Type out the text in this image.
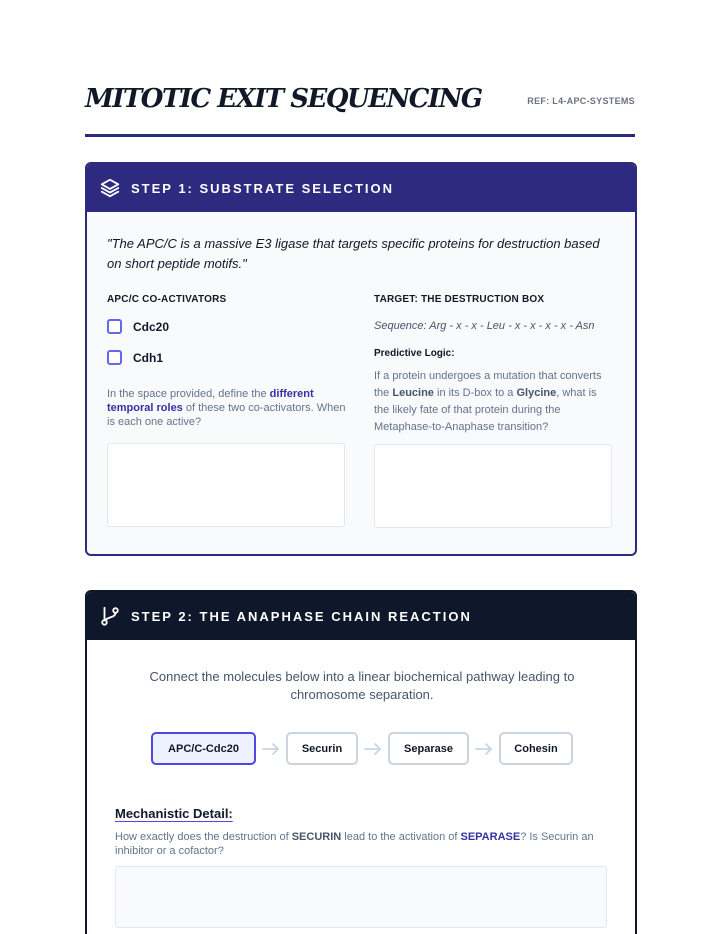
MITOTIC EXIT SEQUENCING	REF: L4-APC-SYSTEMS
STEP 1: SUBSTRATE SELECTION
"The APC/C is a massive E3 ligase that targets specific proteins for destruction based on short peptide motifs."
APC/C CO-ACTIVATORS
Cdc20
Cdh1
In the space provided, define the different temporal roles of these two co-activators. When is each one active?
TARGET: THE DESTRUCTION BOX
Sequence: Arg - x - x - Leu - x - x - x - x - Asn
Predictive Logic:
If a protein undergoes a mutation that converts the Leucine in its D-box to a Glycine, what is the likely fate of that protein during the Metaphase-to-Anaphase transition?
STEP 2: THE ANAPHASE CHAIN REACTION
Connect the molecules below into a linear biochemical pathway leading to chromosome separation.
APC/C-Cdc20	Securin	Separase	Cohesin
Mechanistic Detail:
How exactly does the destruction of SECURIN lead to the activation of SEPARASE? Is Securin an inhibitor or a cofactor?
